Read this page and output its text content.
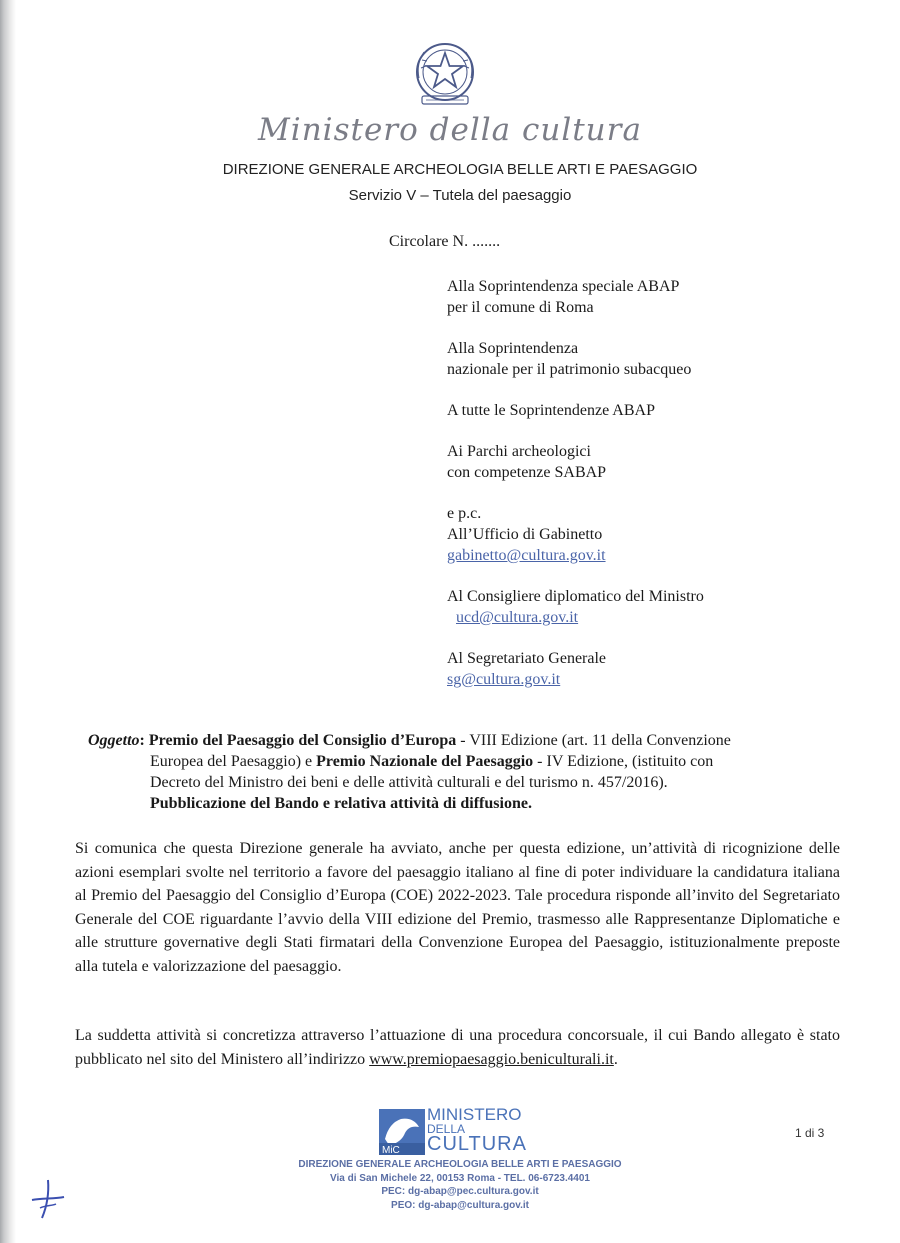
Ministero della cultura
DIREZIONE GENERALE ARCHEOLOGIA BELLE ARTI E PAESAGGIO
Servizio V – Tutela del paesaggio
Circolare N. .......
Alla Soprintendenza speciale ABAP
per il comune di Roma
Alla Soprintendenza
nazionale per il patrimonio subacqueo
A tutte le Soprintendenze ABAP
Ai Parchi archeologici
con competenze SABAP
e p.c.
All’Ufficio di Gabinetto
gabinetto@cultura.gov.it
Al Consigliere diplomatico del Ministro
ucd@cultura.gov.it
Al Segretariato Generale
sg@cultura.gov.it
Oggetto: Premio del Paesaggio del Consiglio d’Europa - VIII Edizione (art. 11 della Convenzione
Europea del Paesaggio) e Premio Nazionale del Paesaggio - IV Edizione, (istituito con
Decreto del Ministro dei beni e delle attività culturali e del turismo n. 457/2016).
Pubblicazione del Bando e relativa attività di diffusione.
Si comunica che questa Direzione generale ha avviato, anche per questa edizione, un’attività di ricognizione delle azioni esemplari svolte nel territorio a favore del paesaggio italiano al fine di poter individuare la candidatura italiana al Premio del Paesaggio del Consiglio d’Europa (COE) 2022-2023. Tale procedura risponde all’invito del Segretariato Generale del COE riguardante l’avvio della VIII edizione del Premio, trasmesso alle Rappresentanze Diplomatiche e alle strutture governative degli Stati firmatari della Convenzione Europea del Paesaggio, istituzionalmente preposte alla tutela e valorizzazione del paesaggio.
La suddetta attività si concretizza attraverso l’attuazione di una procedura concorsuale, il cui Bando allegato è stato pubblicato nel sito del Ministero all’indirizzo www.premiopaesaggio.beniculturali.it.
MiC
MINISTERO
DELLA
CULTURA
DIREZIONE GENERALE ARCHEOLOGIA BELLE ARTI E PAESAGGIO
Via di San Michele 22, 00153 Roma - TEL. 06-6723.4401
PEC: dg-abap@pec.cultura.gov.it
PEO: dg-abap@cultura.gov.it
1 di 3
